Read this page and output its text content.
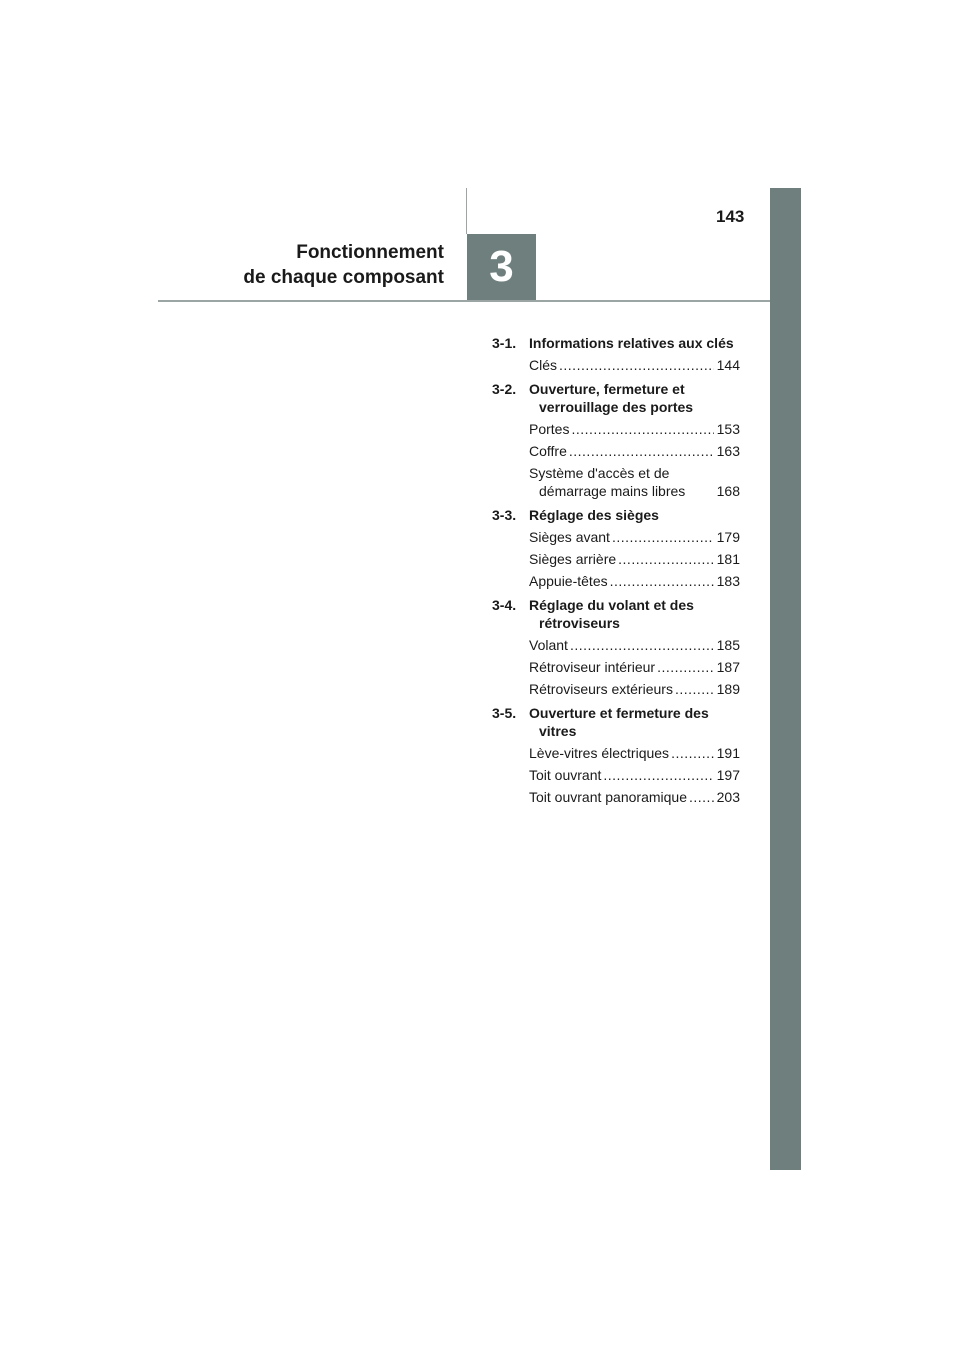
143
Fonctionnement
de chaque composant	3
3-1. Informations relatives aux clés
Clés .....	144
3-2. Ouverture, fermeture et verrouillage des portes
Portes .....	153
Coffre .....	163
Système d'accès et de démarrage mains libres	168
3-3. Réglage des sièges
Sièges avant .....	179
Sièges arrière .....	181
Appuie-têtes .....	183
3-4. Réglage du volant et des rétroviseurs
Volant .....	185
Rétroviseur intérieur .....	187
Rétroviseurs extérieurs .....	189
3-5. Ouverture et fermeture des vitres
Lève-vitres électriques .....	191
Toit ouvrant .....	197
Toit ouvrant panoramique ..... 203
